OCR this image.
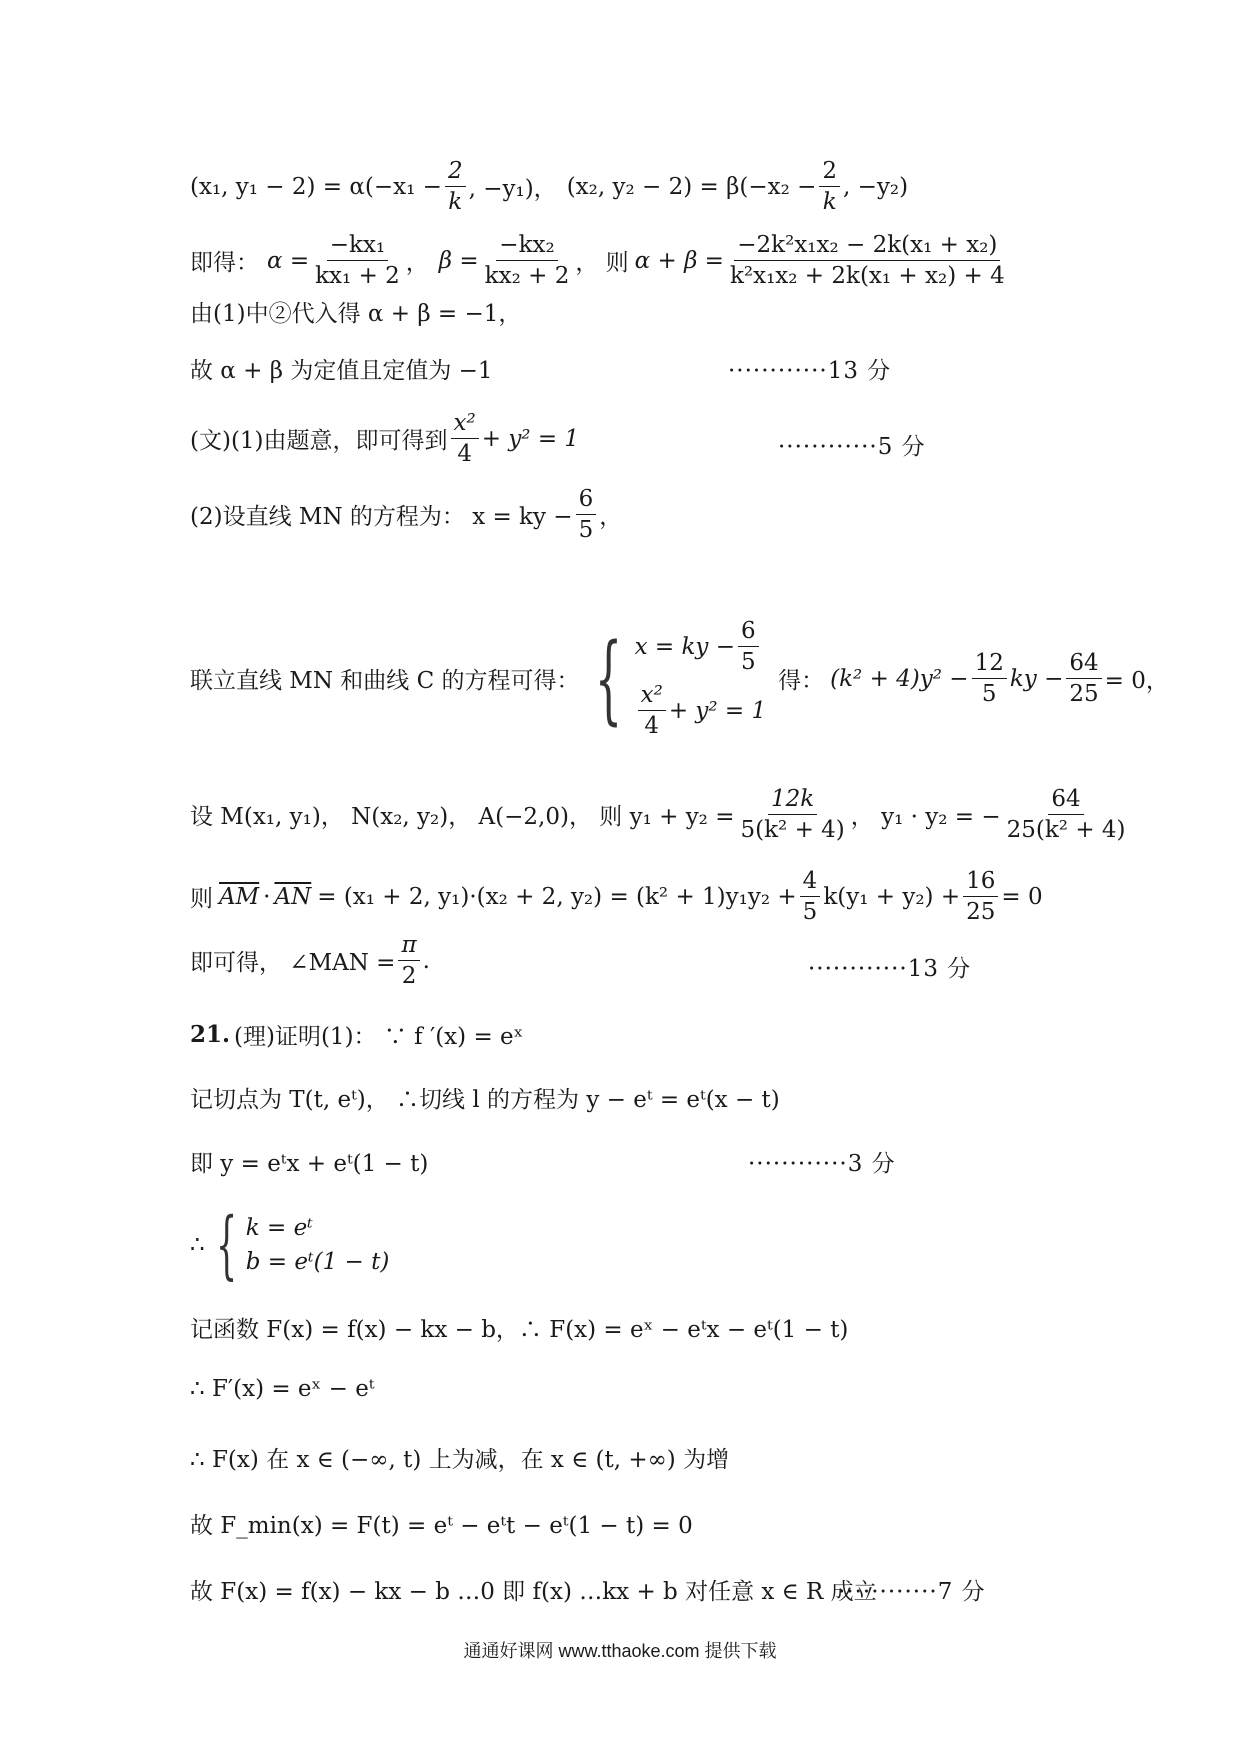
(x₁, $y_1 - 2) = \alpha(-x_1 - \frac{2}{k}$ , −y₁)， (x₂, $y_2 - 2) = \beta(-x_2 - \frac{2}{k}$ , −y₂)
即得： $\alpha = \frac{\text{−kx₁}}{\text{kx₁ + 2}}$ ， $\beta = \frac{\text{−kx₂}}{\text{kx₂ + 2}}$ ， 则 $\alpha + \beta = \frac{\text{−2k²x₁x₂ − 2k(x₁ + x₂)}}{\text{k²x₁x₂ + 2k(x₁ + x₂) + 4}}$
由(1)中②代入得 α + β = −1，
故 α + β 为定值且定值为 −1	············13 分
(文)(1)由题意，即可得到 $\frac{\text{x²}}{4} + y^2 = 1$	············5 分
(2)设直线 MN 的方程为： x = ky − $\frac{6}{5}$ ，
联立直线 MN 和曲线 C 的方程可得： { x = ky − $\frac{6}{5}$
$\frac{\text{x²}}{4} + y^2 = 1$
得： $(k^2 + 4)y^2 - \frac{12}{5}$ ky − $\frac{64}{25} = 0$，
设 M(x₁, y₁)， N(x₂, y₂)， A(−2,0)， 则 $y_1 + y_2 = \frac{12k}{\text{5(k² + 4)}}$ ， y₁ · y₂ = − $\frac{64}{\text{25(k² + 4)}}$
则 $\overline{AM} \cdot \overline{AN} = (x_1 + 2$, y₁)·(x₂ + 2, $y_2) = (k^2 + 1)y_1y_2 + \frac{4}{5} k(y_1 + y_2) + \frac{16}{25} = 0$
即可得， ∠MAN = $\frac{\pi}{2}$ .	············13 分
21. (理)证明(1)： ∵ f ′(x) = eˣ
记切点为 T(t, eᵗ)， ∴切线 l 的方程为 y − eᵗ = eᵗ(x − t)
即 y = eᵗx + eᵗ(1 − t)	············3 分
∴ { k = eᵗ
b = eᵗ(1 − t)
记函数 F(x) = f(x) − kx − b，∴ F(x) = eˣ − eᵗx − eᵗ(1 − t)
∴ F′(x) = eˣ − eᵗ
∴ F(x) 在 x ∈ (−∞, t) 上为减，在 x ∈ (t, +∞) 为增
故 F_min(x) = F(t) = eᵗ − eᵗt − eᵗ(1 − t) = 0
故 F(x) = f(x) − kx − b …0 即 f(x) …kx + b 对任意 x ∈ R 成立
············7 分
通通好课网 www.tthaoke.com 提供下载
